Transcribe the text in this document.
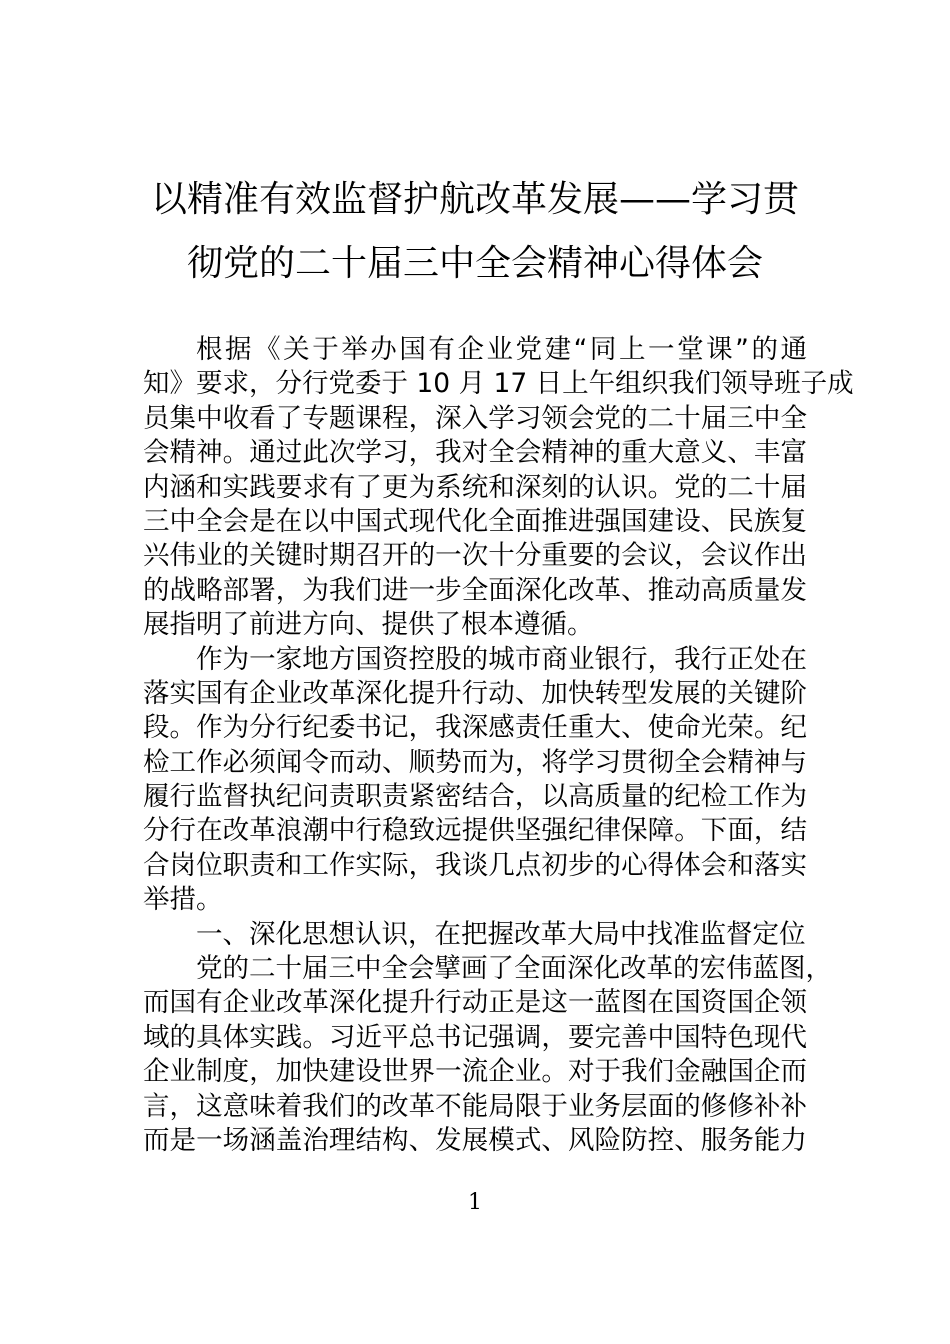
以精准有效监督护航改革发展——学习贯
彻党的二十届三中全会精神心得体会
根据《关于举办国有企业党建“同上一堂课”的通
知》要求，分行党委于 10 月 17 日上午组织我们领导班子成
员集中收看了专题课程，深入学习领会党的二十届三中全
会精神。通过此次学习，我对全会精神的重大意义、丰富
内涵和实践要求有了更为系统和深刻的认识。党的二十届
三中全会是在以中国式现代化全面推进强国建设、民族复
兴伟业的关键时期召开的一次十分重要的会议，会议作出
的战略部署，为我们进一步全面深化改革、推动高质量发
展指明了前进方向、提供了根本遵循。
作为一家地方国资控股的城市商业银行，我行正处在
落实国有企业改革深化提升行动、加快转型发展的关键阶
段。作为分行纪委书记，我深感责任重大、使命光荣。纪
检工作必须闻令而动、顺势而为，将学习贯彻全会精神与
履行监督执纪问责职责紧密结合，以高质量的纪检工作为
分行在改革浪潮中行稳致远提供坚强纪律保障。下面，结
合岗位职责和工作实际，我谈几点初步的心得体会和落实
举措。
一、深化思想认识，在把握改革大局中找准监督定位
党的二十届三中全会擘画了全面深化改革的宏伟蓝图，
而国有企业改革深化提升行动正是这一蓝图在国资国企领
域的具体实践。习近平总书记强调，要完善中国特色现代
企业制度，加快建设世界一流企业。对于我们金融国企而
言，这意味着我们的改革不能局限于业务层面的修修补补
而是一场涵盖治理结构、发展模式、风险防控、服务能力
1
